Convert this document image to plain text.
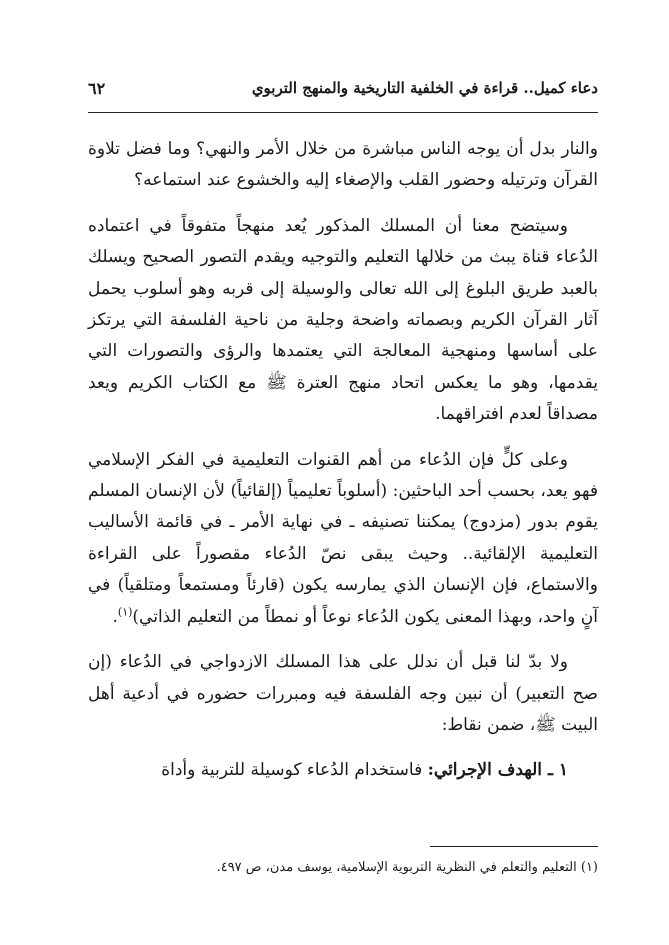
دعاء كميل.. قراءة في الخلفية التاريخية والمنهج التربوي
٦٢

والنار بدل أن يوجه الناس مباشرة من خلال الأمر والنهي؟ وما فضل تلاوة القرآن وترتيله وحضور القلب والإصغاء إليه والخشوع عند استماعه؟

وسيتضح معنا أن المسلك المذكور يُعد منهجاً متفوقاً في اعتماده الدُعاء قناة يبث من خلالها التعليم والتوجيه ويقدم التصور الصحيح ويسلك بالعبد طريق البلوغ إلى الله تعالى والوسيلة إلى قربه وهو أسلوب يحمل آثار القرآن الكريم وبصماته واضحة وجلية من ناحية الفلسفة التي يرتكز على أساسها ومنهجية المعالجة التي يعتمدها والرؤى والتصورات التي يقدمها، وهو ما يعكس اتحاد منهج العترة ﷺ مع الكتاب الكريم ويعد مصداقاً لعدم افتراقهما.

وعلى كلٍّ فإن الدُعاء من أهم القنوات التعليمية في الفكر الإسلامي فهو يعد، بحسب أحد الباحثين: (أسلوباً تعليمياً (إلقائياً) لأن الإنسان المسلم يقوم بدور (مزدوج) يمكننا تصنيفه ـ في نهاية الأمر ـ في قائمة الأساليب التعليمية الإلقائية.. وحيث يبقى نصّ الدُعاء مقصوراً على القراءة والاستماع، فإن الإنسان الذي يمارسه يكون (قارئاً ومستمعاً ومتلقياً) في آنٍ واحد، وبهذا المعنى يكون الدُعاء نوعاً أو نمطاً من التعليم الذاتي)$^{(١)}$.

ولا بدّ لنا قبل أن ندلل على هذا المسلك الازدواجي في الدُعاء (إن صح التعبير) أن نبين وجه الفلسفة فيه ومبررات حضوره في أدعية أهل البيت ﷺ، ضمن نقاط:

١ ـ الهدف الإجرائي: فاستخدام الدُعاء كوسيلة للتربية وأداة

(١) التعليم والتعلم في النظرية التربوية الإسلامية، يوسف مدن، ص ٤٩٧.
